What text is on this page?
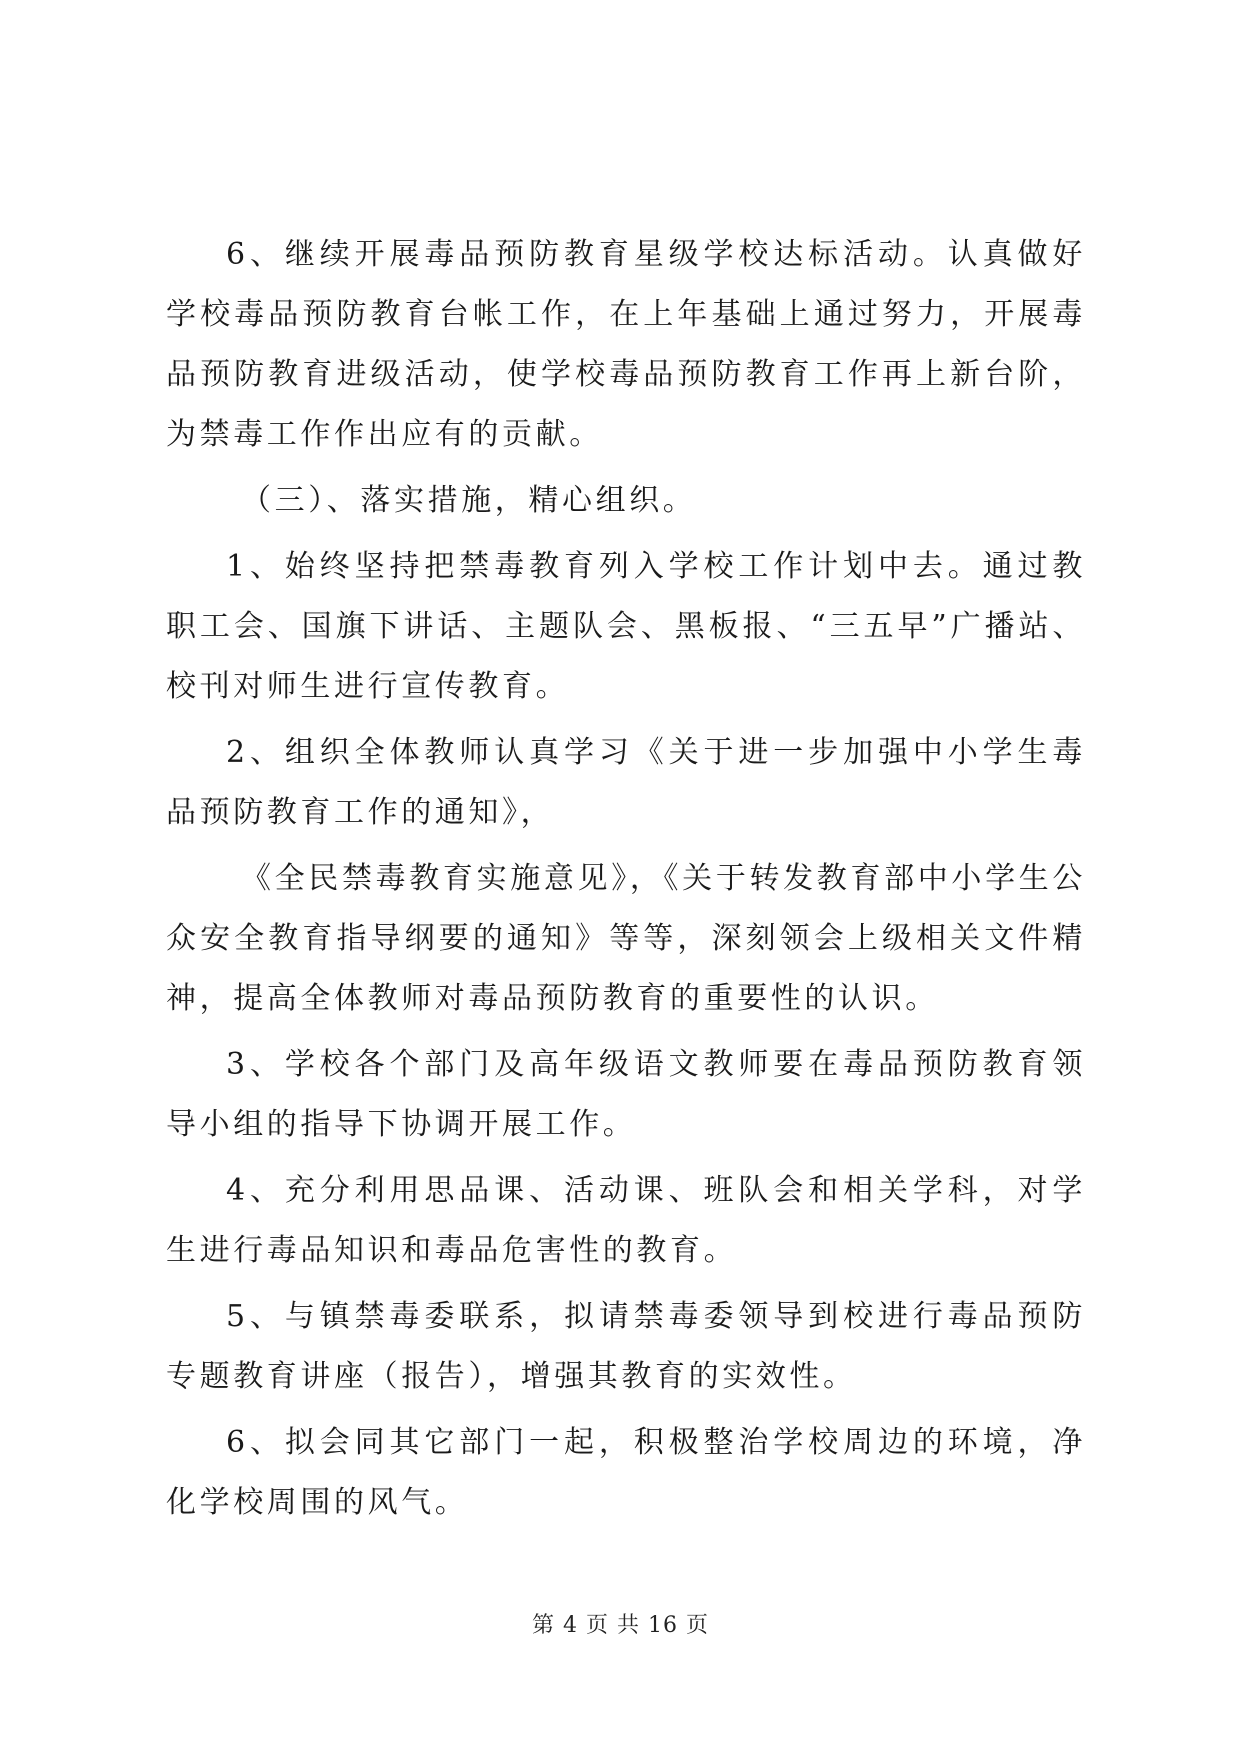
6、继续开展毒品预防教育星级学校达标活动。认真做好学校毒品预防教育台帐工作，在上年基础上通过努力，开展毒品预防教育进级活动，使学校毒品预防教育工作再上新台阶，为禁毒工作作出应有的贡献。

（三）、落实措施，精心组织。

1、始终坚持把禁毒教育列入学校工作计划中去。通过教职工会、国旗下讲话、主题队会、黑板报、“三五早”广播站、校刊对师生进行宣传教育。

2、组织全体教师认真学习《关于进一步加强中小学生毒品预防教育工作的通知》，

《全民禁毒教育实施意见》，《关于转发教育部中小学生公众安全教育指导纲要的通知》等等，深刻领会上级相关文件精神，提高全体教师对毒品预防教育的重要性的认识。

3、学校各个部门及高年级语文教师要在毒品预防教育领导小组的指导下协调开展工作。

4、充分利用思品课、活动课、班队会和相关学科，对学生进行毒品知识和毒品危害性的教育。

5、与镇禁毒委联系，拟请禁毒委领导到校进行毒品预防专题教育讲座（报告），增强其教育的实效性。

6、拟会同其它部门一起，积极整治学校周边的环境，净化学校周围的风气。

第 4 页 共 16 页
